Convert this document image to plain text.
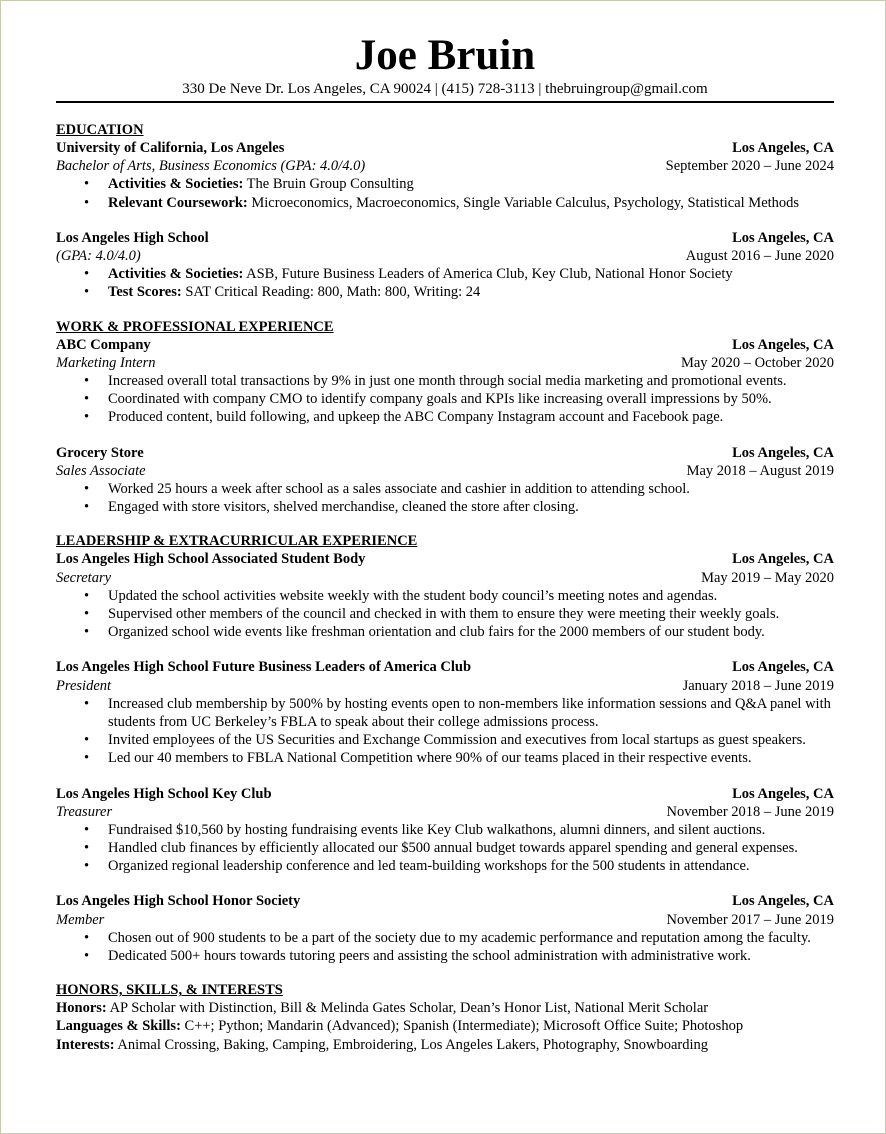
Joe Bruin
330 De Neve Dr. Los Angeles, CA 90024 | (415) 728-3113 | thebruingroup@gmail.com
EDUCATION
University of California, Los Angeles	Los Angeles, CA
Bachelor of Arts, Business Economics (GPA: 4.0/4.0)	September 2020 – June 2024
• Activities & Societies: The Bruin Group Consulting
• Relevant Coursework: Microeconomics, Macroeconomics, Single Variable Calculus, Psychology, Statistical Methods
Los Angeles High School	Los Angeles, CA
(GPA: 4.0/4.0)	August 2016 – June 2020
• Activities & Societies: ASB, Future Business Leaders of America Club, Key Club, National Honor Society
• Test Scores: SAT Critical Reading: 800, Math: 800, Writing: 24
WORK & PROFESSIONAL EXPERIENCE
ABC Company	Los Angeles, CA
Marketing Intern	May 2020 – October 2020
• Increased overall total transactions by 9% in just one month through social media marketing and promotional events.
• Coordinated with company CMO to identify company goals and KPIs like increasing overall impressions by 50%.
• Produced content, build following, and upkeep the ABC Company Instagram account and Facebook page.
Grocery Store	Los Angeles, CA
Sales Associate	May 2018 – August 2019
• Worked 25 hours a week after school as a sales associate and cashier in addition to attending school.
• Engaged with store visitors, shelved merchandise, cleaned the store after closing.
LEADERSHIP & EXTRACURRICULAR EXPERIENCE
Los Angeles High School Associated Student Body	Los Angeles, CA
Secretary	May 2019 – May 2020
• Updated the school activities website weekly with the student body council’s meeting notes and agendas.
• Supervised other members of the council and checked in with them to ensure they were meeting their weekly goals.
• Organized school wide events like freshman orientation and club fairs for the 2000 members of our student body.
Los Angeles High School Future Business Leaders of America Club	Los Angeles, CA
President	January 2018 – June 2019
• Increased club membership by 500% by hosting events open to non-members like information sessions and Q&A panel with students from UC Berkeley’s FBLA to speak about their college admissions process.
• Invited employees of the US Securities and Exchange Commission and executives from local startups as guest speakers.
• Led our 40 members to FBLA National Competition where 90% of our teams placed in their respective events.
Los Angeles High School Key Club	Los Angeles, CA
Treasurer	November 2018 – June 2019
• Fundraised $10,560 by hosting fundraising events like Key Club walkathons, alumni dinners, and silent auctions.
• Handled club finances by efficiently allocated our $500 annual budget towards apparel spending and general expenses.
• Organized regional leadership conference and led team-building workshops for the 500 students in attendance.
Los Angeles High School Honor Society	Los Angeles, CA
Member	November 2017 – June 2019
• Chosen out of 900 students to be a part of the society due to my academic performance and reputation among the faculty.
• Dedicated 500+ hours towards tutoring peers and assisting the school administration with administrative work.
HONORS, SKILLS, & INTERESTS
Honors: AP Scholar with Distinction, Bill & Melinda Gates Scholar, Dean’s Honor List, National Merit Scholar
Languages & Skills: C++; Python; Mandarin (Advanced); Spanish (Intermediate); Microsoft Office Suite; Photoshop
Interests: Animal Crossing, Baking, Camping, Embroidering, Los Angeles Lakers, Photography, Snowboarding
